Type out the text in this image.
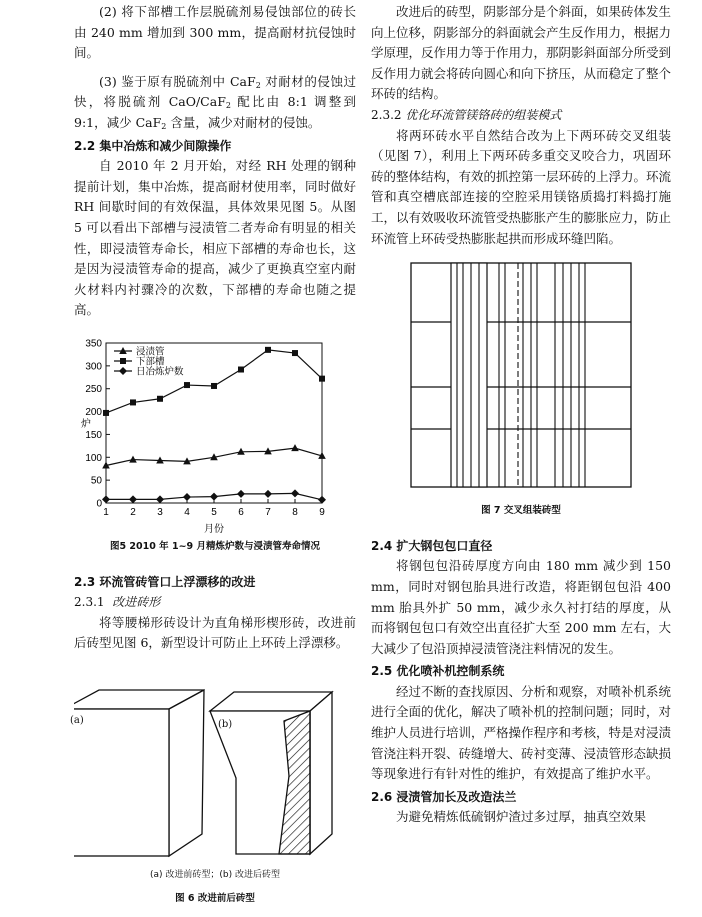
(2) 将下部槽工作层脱硫剂易侵蚀部位的砖长由 240 mm 增加到 300 mm，提高耐材抗侵蚀时间。

(3) 鉴于原有脱硫剂中 CaF$_2$ 对耐材的侵蚀过快，将脱硫剂 CaO/CaF$_2$ 配比由 8:1 调整到 9:1，减少 CaF$_2$ 含量，减少对耐材的侵蚀。

2.2 集中冶炼和减少间隙操作

自 2010 年 2 月开始，对经 RH 处理的钢种提前计划，集中冶炼，提高耐材使用率，同时做好 RH 间歇时间的有效保温，具体效果见图 5。从图 5 可以看出下部槽与浸渍管二者寿命有明显的相关性，即浸渍管寿命长，相应下部槽的寿命也长，这是因为浸渍管寿命的提高，减少了更换真空室内耐火材料内衬骤冷的次数，下部槽的寿命也随之提高。

0
50
100
150
200
250
300
350
1 2 3 4 5 6 7 8 9
月份
炉
浸渍管
下部槽
日冶炼炉数
图5 2010 年 1~9 月精炼炉数与浸渍管寿命情况
2.3 环流管砖管口上浮漂移的改进
2.3.1 改进砖形

将等腰梯形砖设计为直角梯形楔形砖，改进前后砖型见图 6，新型设计可防止上环砖上浮漂移。

(a)	(b)
(a) 改进前砖型；(b) 改进后砖型
图 6 改进前后砖型

改进后的砖型，阴影部分是个斜面，如果砖体发生向上位移，阴影部分的斜面就会产生反作用力，根据力学原理，反作用力等于作用力，那阴影斜面部分所受到反作用力就会将砖向圆心和向下挤压，从而稳定了整个环砖的结构。

2.3.2 优化环流管镁铬砖的组装模式

将两环砖水平自然结合改为上下两环砖交叉组装（见图 7），利用上下两环砖多重交叉咬合力，巩固环砖的整体结构，有效的抓控第一层环砖的上浮力。环流管和真空槽底部连接的空腔采用镁铬质捣打料捣打施工，以有效吸收环流管受热膨胀产生的膨胀应力，防止环流管上环砖受热膨胀起拱而形成环缝凹陷。

图 7 交叉组装砖型
2.4 扩大钢包包口直径

将钢包包沿砖厚度方向由 180 mm 减少到 150 mm，同时对钢包胎具进行改造，将距钢包包沿 400 mm 胎具外扩 50 mm，减少永久衬打结的厚度，从而将钢包包口有效空出直径扩大至 200 mm 左右，大大减少了包沿顶掉浸渍管浇注料情况的发生。

2.5 优化喷补机控制系统

经过不断的查找原因、分析和观察，对喷补机系统进行全面的优化，解决了喷补机的控制问题；同时，对维护人员进行培训，严格操作程序和考核，特是对浸渍管浇注料开裂、砖缝增大、砖衬变薄、浸渍管形态缺损等现象进行有针对性的维护，有效提高了维护水平。

2.6 浸渍管加长及改造法兰

为避免精炼低硫钢炉渣过多过厚，抽真空效果
